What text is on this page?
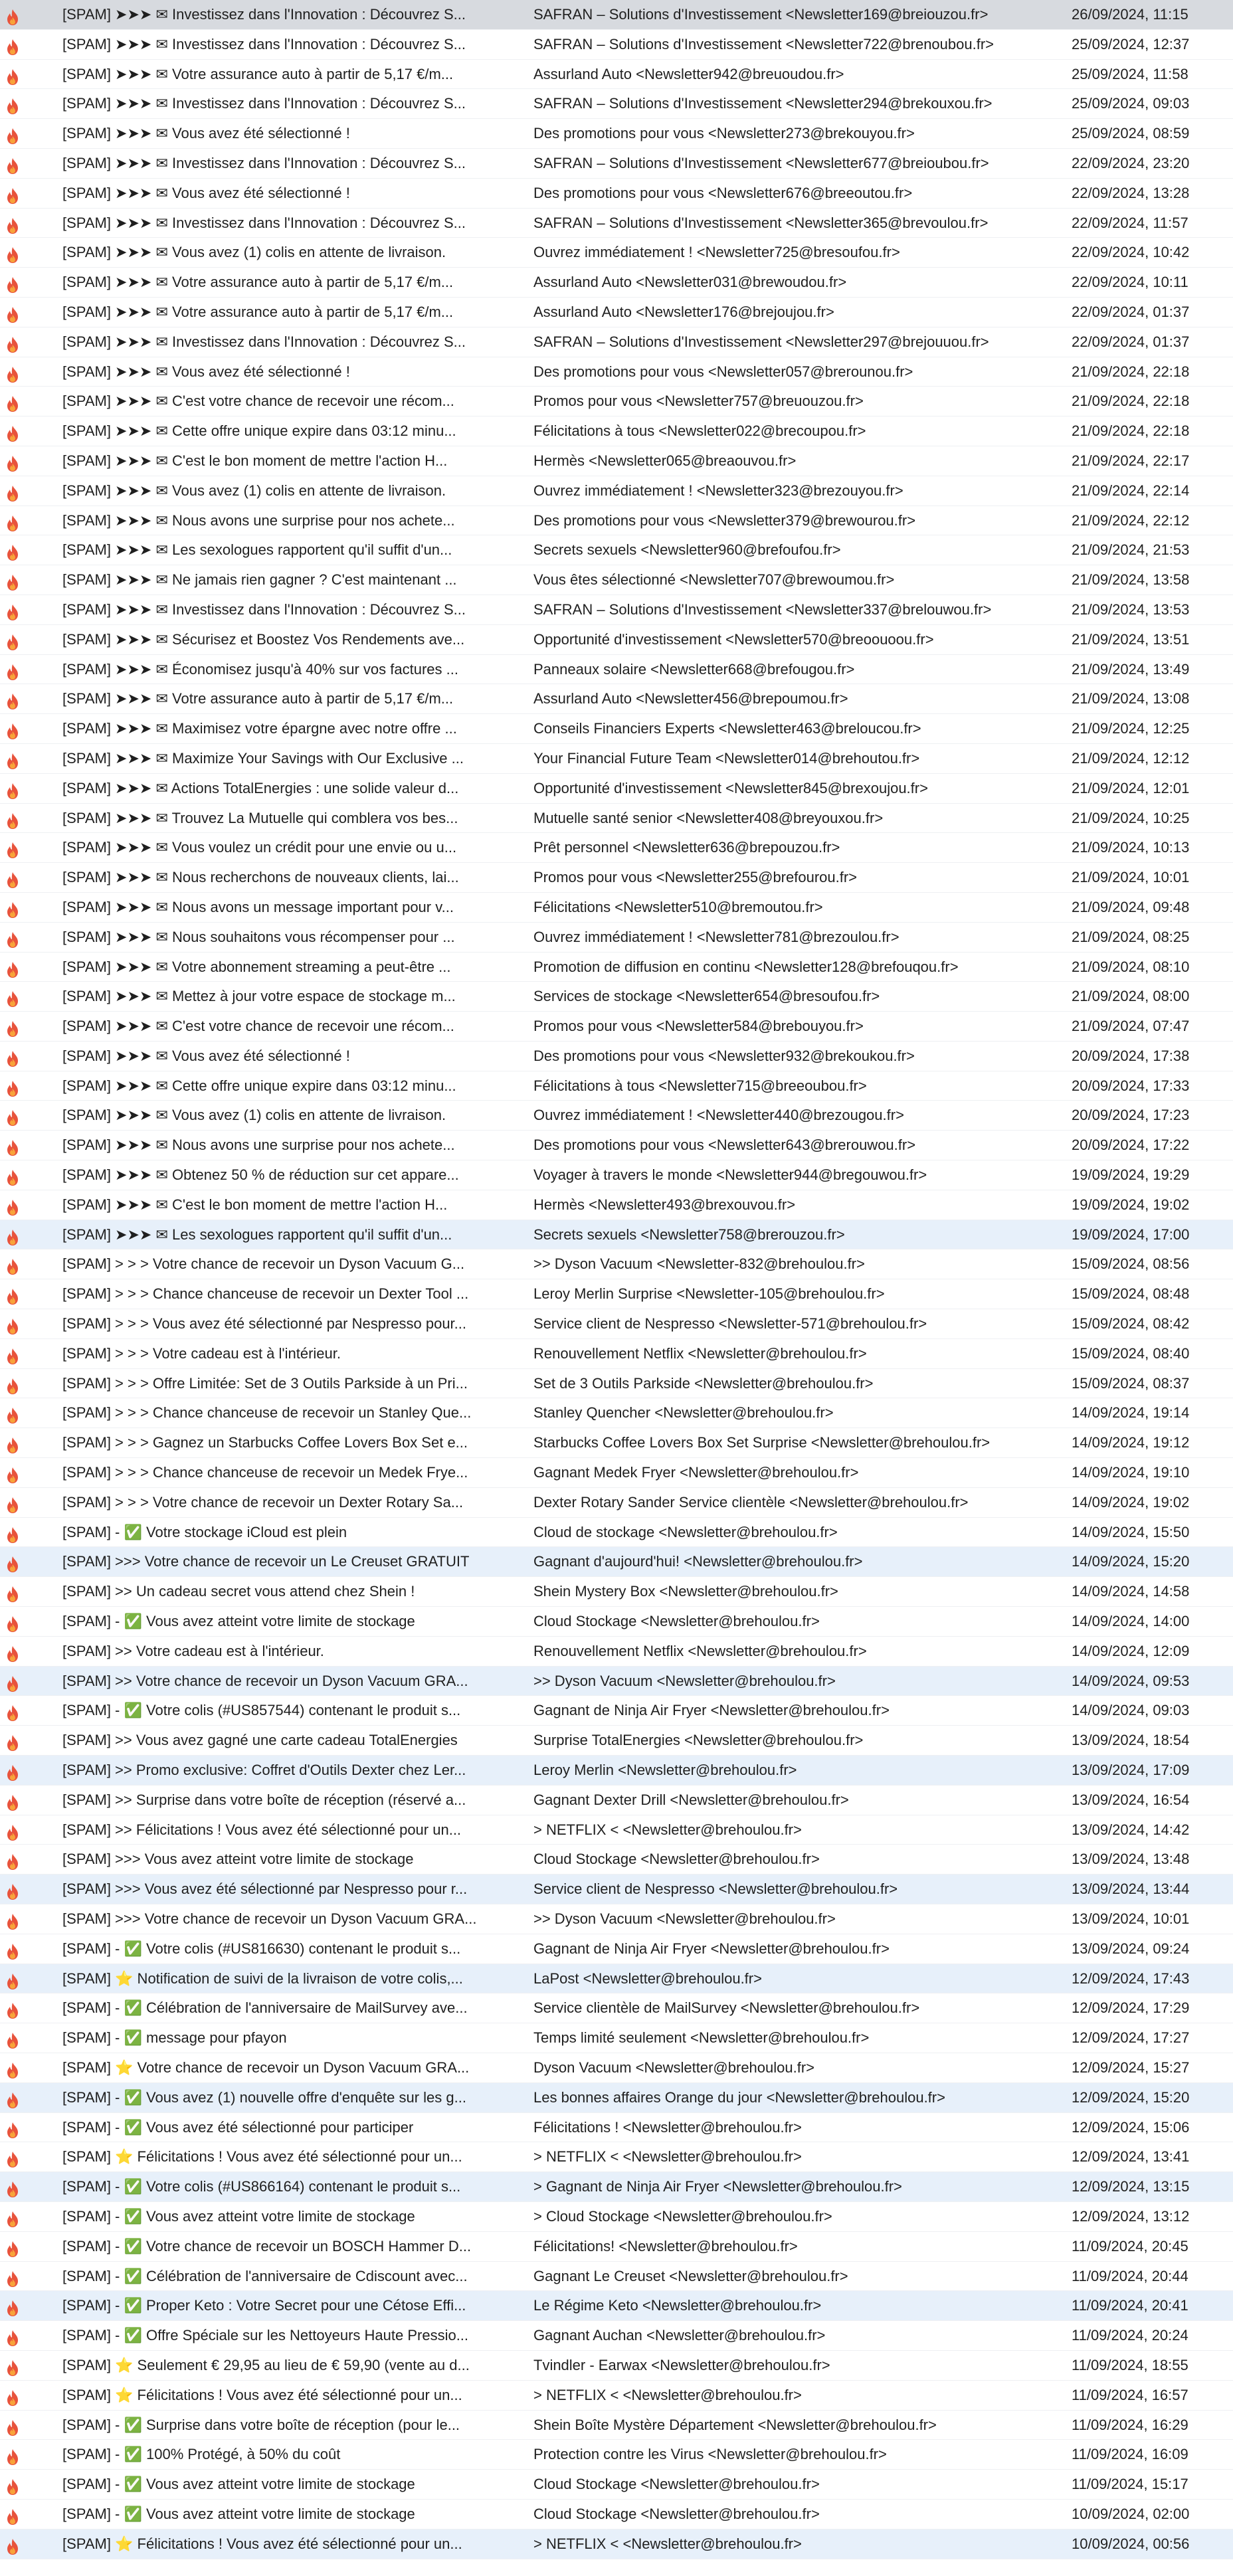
[SPAM] ➤➤➤ ✉ Investissez dans l'Innovation : Découvrez S...	SAFRAN – Solutions d'Investissement <Newsletter169@breiouzou.fr>	26/09/2024, 11:15
[SPAM] ➤➤➤ ✉ Investissez dans l'Innovation : Découvrez S...	SAFRAN – Solutions d'Investissement <Newsletter722@brenoubou.fr>	25/09/2024, 12:37
[SPAM] ➤➤➤ ✉ Votre assurance auto à partir de 5,17 €/m...	Assurland Auto <Newsletter942@breuoudou.fr>	25/09/2024, 11:58
[SPAM] ➤➤➤ ✉ Investissez dans l'Innovation : Découvrez S...	SAFRAN – Solutions d'Investissement <Newsletter294@brekouxou.fr>	25/09/2024, 09:03
[SPAM] ➤➤➤ ✉ Vous avez été sélectionné !	Des promotions pour vous <Newsletter273@brekouyou.fr>	25/09/2024, 08:59
[SPAM] ➤➤➤ ✉ Investissez dans l'Innovation : Découvrez S...	SAFRAN – Solutions d'Investissement <Newsletter677@breioubou.fr>	22/09/2024, 23:20
[SPAM] ➤➤➤ ✉ Vous avez été sélectionné !	Des promotions pour vous <Newsletter676@breeoutou.fr>	22/09/2024, 13:28
[SPAM] ➤➤➤ ✉ Investissez dans l'Innovation : Découvrez S...	SAFRAN – Solutions d'Investissement <Newsletter365@brevoulou.fr>	22/09/2024, 11:57
[SPAM] ➤➤➤ ✉ Vous avez (1) colis en attente de livraison.	Ouvrez immédiatement ! <Newsletter725@bresoufou.fr>	22/09/2024, 10:42
[SPAM] ➤➤➤ ✉ Votre assurance auto à partir de 5,17 €/m...	Assurland Auto <Newsletter031@brewoudou.fr>	22/09/2024, 10:11
[SPAM] ➤➤➤ ✉ Votre assurance auto à partir de 5,17 €/m...	Assurland Auto <Newsletter176@brejoujou.fr>	22/09/2024, 01:37
[SPAM] ➤➤➤ ✉ Investissez dans l'Innovation : Découvrez S...	SAFRAN – Solutions d'Investissement <Newsletter297@brejouuou.fr>	22/09/2024, 01:37
[SPAM] ➤➤➤ ✉ Vous avez été sélectionné !	Des promotions pour vous <Newsletter057@brerounou.fr>	21/09/2024, 22:18
[SPAM] ➤➤➤ ✉ C'est votre chance de recevoir une récom...	Promos pour vous <Newsletter757@breuouzou.fr>	21/09/2024, 22:18
[SPAM] ➤➤➤ ✉ Cette offre unique expire dans 03:12 minu...	Félicitations à tous <Newsletter022@brecoupou.fr>	21/09/2024, 22:18
[SPAM] ➤➤➤ ✉ C'est le bon moment de mettre l'action H...	Hermès <Newsletter065@breaouvou.fr>	21/09/2024, 22:17
[SPAM] ➤➤➤ ✉ Vous avez (1) colis en attente de livraison.	Ouvrez immédiatement ! <Newsletter323@brezouyou.fr>	21/09/2024, 22:14
[SPAM] ➤➤➤ ✉ Nous avons une surprise pour nos achete...	Des promotions pour vous <Newsletter379@brewourou.fr>	21/09/2024, 22:12
[SPAM] ➤➤➤ ✉ Les sexologues rapportent qu'il suffit d'un...	Secrets sexuels <Newsletter960@brefoufou.fr>	21/09/2024, 21:53
[SPAM] ➤➤➤ ✉ Ne jamais rien gagner ? C'est maintenant ...	Vous êtes sélectionné <Newsletter707@brewoumou.fr>	21/09/2024, 13:58
[SPAM] ➤➤➤ ✉ Investissez dans l'Innovation : Découvrez S...	SAFRAN – Solutions d'Investissement <Newsletter337@brelouwou.fr>	21/09/2024, 13:53
[SPAM] ➤➤➤ ✉ Sécurisez et Boostez Vos Rendements ave...	Opportunité d'investissement <Newsletter570@breoouoou.fr>	21/09/2024, 13:51
[SPAM] ➤➤➤ ✉ Économisez jusqu'à 40% sur vos factures ...	Panneaux solaire <Newsletter668@brefougou.fr>	21/09/2024, 13:49
[SPAM] ➤➤➤ ✉ Votre assurance auto à partir de 5,17 €/m...	Assurland Auto <Newsletter456@brepoumou.fr>	21/09/2024, 13:08
[SPAM] ➤➤➤ ✉ Maximisez votre épargne avec notre offre ...	Conseils Financiers Experts <Newsletter463@breloucou.fr>	21/09/2024, 12:25
[SPAM] ➤➤➤ ✉ Maximize Your Savings with Our Exclusive ...	Your Financial Future Team <Newsletter014@brehoutou.fr>	21/09/2024, 12:12
[SPAM] ➤➤➤ ✉ Actions TotalEnergies : une solide valeur d...	Opportunité d'investissement <Newsletter845@brexoujou.fr>	21/09/2024, 12:01
[SPAM] ➤➤➤ ✉ Trouvez La Mutuelle qui comblera vos bes...	Mutuelle santé senior <Newsletter408@breyouxou.fr>	21/09/2024, 10:25
[SPAM] ➤➤➤ ✉ Vous voulez un crédit pour une envie ou u...	Prêt personnel <Newsletter636@brepouzou.fr>	21/09/2024, 10:13
[SPAM] ➤➤➤ ✉ Nous recherchons de nouveaux clients, lai...	Promos pour vous <Newsletter255@brefourou.fr>	21/09/2024, 10:01
[SPAM] ➤➤➤ ✉ Nous avons un message important pour v...	Félicitations <Newsletter510@bremoutou.fr>	21/09/2024, 09:48
[SPAM] ➤➤➤ ✉ Nous souhaitons vous récompenser pour ...	Ouvrez immédiatement ! <Newsletter781@brezoulou.fr>	21/09/2024, 08:25
[SPAM] ➤➤➤ ✉ Votre abonnement streaming a peut-être ...	Promotion de diffusion en continu <Newsletter128@brefouqou.fr>	21/09/2024, 08:10
[SPAM] ➤➤➤ ✉ Mettez à jour votre espace de stockage m...	Services de stockage <Newsletter654@bresoufou.fr>	21/09/2024, 08:00
[SPAM] ➤➤➤ ✉ C'est votre chance de recevoir une récom...	Promos pour vous <Newsletter584@brebouyou.fr>	21/09/2024, 07:47
[SPAM] ➤➤➤ ✉ Vous avez été sélectionné !	Des promotions pour vous <Newsletter932@brekoukou.fr>	20/09/2024, 17:38
[SPAM] ➤➤➤ ✉ Cette offre unique expire dans 03:12 minu...	Félicitations à tous <Newsletter715@breeoubou.fr>	20/09/2024, 17:33
[SPAM] ➤➤➤ ✉ Vous avez (1) colis en attente de livraison.	Ouvrez immédiatement ! <Newsletter440@brezougou.fr>	20/09/2024, 17:23
[SPAM] ➤➤➤ ✉ Nous avons une surprise pour nos achete...	Des promotions pour vous <Newsletter643@brerouwou.fr>	20/09/2024, 17:22
[SPAM] ➤➤➤ ✉ Obtenez 50 % de réduction sur cet appare...	Voyager à travers le monde <Newsletter944@bregouwou.fr>	19/09/2024, 19:29
[SPAM] ➤➤➤ ✉ C'est le bon moment de mettre l'action H...	Hermès <Newsletter493@brexouvou.fr>	19/09/2024, 19:02
[SPAM] ➤➤➤ ✉ Les sexologues rapportent qu'il suffit d'un...	Secrets sexuels <Newsletter758@brerouzou.fr>	19/09/2024, 17:00
[SPAM] > > > Votre chance de recevoir un Dyson Vacuum G...	>> Dyson Vacuum <Newsletter-832@brehoulou.fr>	15/09/2024, 08:56
[SPAM] > > > Chance chanceuse de recevoir un Dexter Tool ...	Leroy Merlin Surprise <Newsletter-105@brehoulou.fr>	15/09/2024, 08:48
[SPAM] > > > Vous avez été sélectionné par Nespresso pour...	Service client de Nespresso <Newsletter-571@brehoulou.fr>	15/09/2024, 08:42
[SPAM] > > > Votre cadeau est à l'intérieur.	Renouvellement Netflix <Newsletter@brehoulou.fr>	15/09/2024, 08:40
[SPAM] > > > Offre Limitée: Set de 3 Outils Parkside à un Pri...	Set de 3 Outils Parkside <Newsletter@brehoulou.fr>	15/09/2024, 08:37
[SPAM] > > > Chance chanceuse de recevoir un Stanley Que...	Stanley Quencher <Newsletter@brehoulou.fr>	14/09/2024, 19:14
[SPAM] > > > Gagnez un Starbucks Coffee Lovers Box Set e...	Starbucks Coffee Lovers Box Set Surprise <Newsletter@brehoulou.fr>	14/09/2024, 19:12
[SPAM] > > > Chance chanceuse de recevoir un Medek Frye...	Gagnant Medek Fryer <Newsletter@brehoulou.fr>	14/09/2024, 19:10
[SPAM] > > > Votre chance de recevoir un Dexter Rotary Sa...	Dexter Rotary Sander Service clientèle <Newsletter@brehoulou.fr>	14/09/2024, 19:02
[SPAM] - ✅ Votre stockage iCloud est plein	Cloud de stockage <Newsletter@brehoulou.fr>	14/09/2024, 15:50
[SPAM] >>> Votre chance de recevoir un Le Creuset GRATUIT	Gagnant d'aujourd'hui! <Newsletter@brehoulou.fr>	14/09/2024, 15:20
[SPAM] >> Un cadeau secret vous attend chez Shein !	Shein Mystery Box <Newsletter@brehoulou.fr>	14/09/2024, 14:58
[SPAM] - ✅ Vous avez atteint votre limite de stockage	Cloud Stockage <Newsletter@brehoulou.fr>	14/09/2024, 14:00
[SPAM] >> Votre cadeau est à l'intérieur.	Renouvellement Netflix <Newsletter@brehoulou.fr>	14/09/2024, 12:09
[SPAM] >> Votre chance de recevoir un Dyson Vacuum GRA...	>> Dyson Vacuum <Newsletter@brehoulou.fr>	14/09/2024, 09:53
[SPAM] - ✅ Votre colis (#US857544) contenant le produit s...	Gagnant de Ninja Air Fryer <Newsletter@brehoulou.fr>	14/09/2024, 09:03
[SPAM] >> Vous avez gagné une carte cadeau TotalEnergies	Surprise TotalEnergies <Newsletter@brehoulou.fr>	13/09/2024, 18:54
[SPAM] >> Promo exclusive: Coffret d'Outils Dexter chez Ler...	Leroy Merlin <Newsletter@brehoulou.fr>	13/09/2024, 17:09
[SPAM] >> Surprise dans votre boîte de réception (réservé a...	Gagnant Dexter Drill <Newsletter@brehoulou.fr>	13/09/2024, 16:54
[SPAM] >> Félicitations ! Vous avez été sélectionné pour un...	> NETFLIX < <Newsletter@brehoulou.fr>	13/09/2024, 14:42
[SPAM] >>> Vous avez atteint votre limite de stockage	Cloud Stockage <Newsletter@brehoulou.fr>	13/09/2024, 13:48
[SPAM] >>> Vous avez été sélectionné par Nespresso pour r...	Service client de Nespresso <Newsletter@brehoulou.fr>	13/09/2024, 13:44
[SPAM] >>> Votre chance de recevoir un Dyson Vacuum GRA...	>> Dyson Vacuum <Newsletter@brehoulou.fr>	13/09/2024, 10:01
[SPAM] - ✅ Votre colis (#US816630) contenant le produit s...	Gagnant de Ninja Air Fryer <Newsletter@brehoulou.fr>	13/09/2024, 09:24
[SPAM] ⭐ Notification de suivi de la livraison de votre colis,...	LaPost <Newsletter@brehoulou.fr>	12/09/2024, 17:43
[SPAM] - ✅ Célébration de l'anniversaire de MailSurvey ave...	Service clientèle de MailSurvey <Newsletter@brehoulou.fr>	12/09/2024, 17:29
[SPAM] - ✅ message pour pfayon	Temps limité seulement <Newsletter@brehoulou.fr>	12/09/2024, 17:27
[SPAM] ⭐ Votre chance de recevoir un Dyson Vacuum GRA...	Dyson Vacuum <Newsletter@brehoulou.fr>	12/09/2024, 15:27
[SPAM] - ✅ Vous avez (1) nouvelle offre d'enquête sur les g...	Les bonnes affaires Orange du jour <Newsletter@brehoulou.fr>	12/09/2024, 15:20
[SPAM] - ✅ Vous avez été sélectionné pour participer	Félicitations ! <Newsletter@brehoulou.fr>	12/09/2024, 15:06
[SPAM] ⭐ Félicitations ! Vous avez été sélectionné pour un...	> NETFLIX < <Newsletter@brehoulou.fr>	12/09/2024, 13:41
[SPAM] - ✅ Votre colis (#US866164) contenant le produit s...	> Gagnant de Ninja Air Fryer <Newsletter@brehoulou.fr>	12/09/2024, 13:15
[SPAM] - ✅ Vous avez atteint votre limite de stockage	> Cloud Stockage <Newsletter@brehoulou.fr>	12/09/2024, 13:12
[SPAM] - ✅ Votre chance de recevoir un BOSCH Hammer D...	Félicitations! <Newsletter@brehoulou.fr>	11/09/2024, 20:45
[SPAM] - ✅ Célébration de l'anniversaire de Cdiscount avec...	Gagnant Le Creuset <Newsletter@brehoulou.fr>	11/09/2024, 20:44
[SPAM] - ✅ Proper Keto : Votre Secret pour une Cétose Effi...	Le Régime Keto <Newsletter@brehoulou.fr>	11/09/2024, 20:41
[SPAM] - ✅ Offre Spéciale sur les Nettoyeurs Haute Pressio...	Gagnant Auchan <Newsletter@brehoulou.fr>	11/09/2024, 20:24
[SPAM] ⭐ Seulement € 29,95 au lieu de € 59,90 (vente au d...	Tvindler - Earwax <Newsletter@brehoulou.fr>	11/09/2024, 18:55
[SPAM] ⭐ Félicitations ! Vous avez été sélectionné pour un...	> NETFLIX < <Newsletter@brehoulou.fr>	11/09/2024, 16:57
[SPAM] - ✅ Surprise dans votre boîte de réception (pour le...	Shein Boîte Mystère Département <Newsletter@brehoulou.fr>	11/09/2024, 16:29
[SPAM] - ✅ 100% Protégé, à 50% du coût	Protection contre les Virus <Newsletter@brehoulou.fr>	11/09/2024, 16:09
[SPAM] - ✅ Vous avez atteint votre limite de stockage	Cloud Stockage <Newsletter@brehoulou.fr>	11/09/2024, 15:17
[SPAM] - ✅ Vous avez atteint votre limite de stockage	Cloud Stockage <Newsletter@brehoulou.fr>	10/09/2024, 02:00
[SPAM] ⭐ Félicitations ! Vous avez été sélectionné pour un...	> NETFLIX < <Newsletter@brehoulou.fr>	10/09/2024, 00:56
